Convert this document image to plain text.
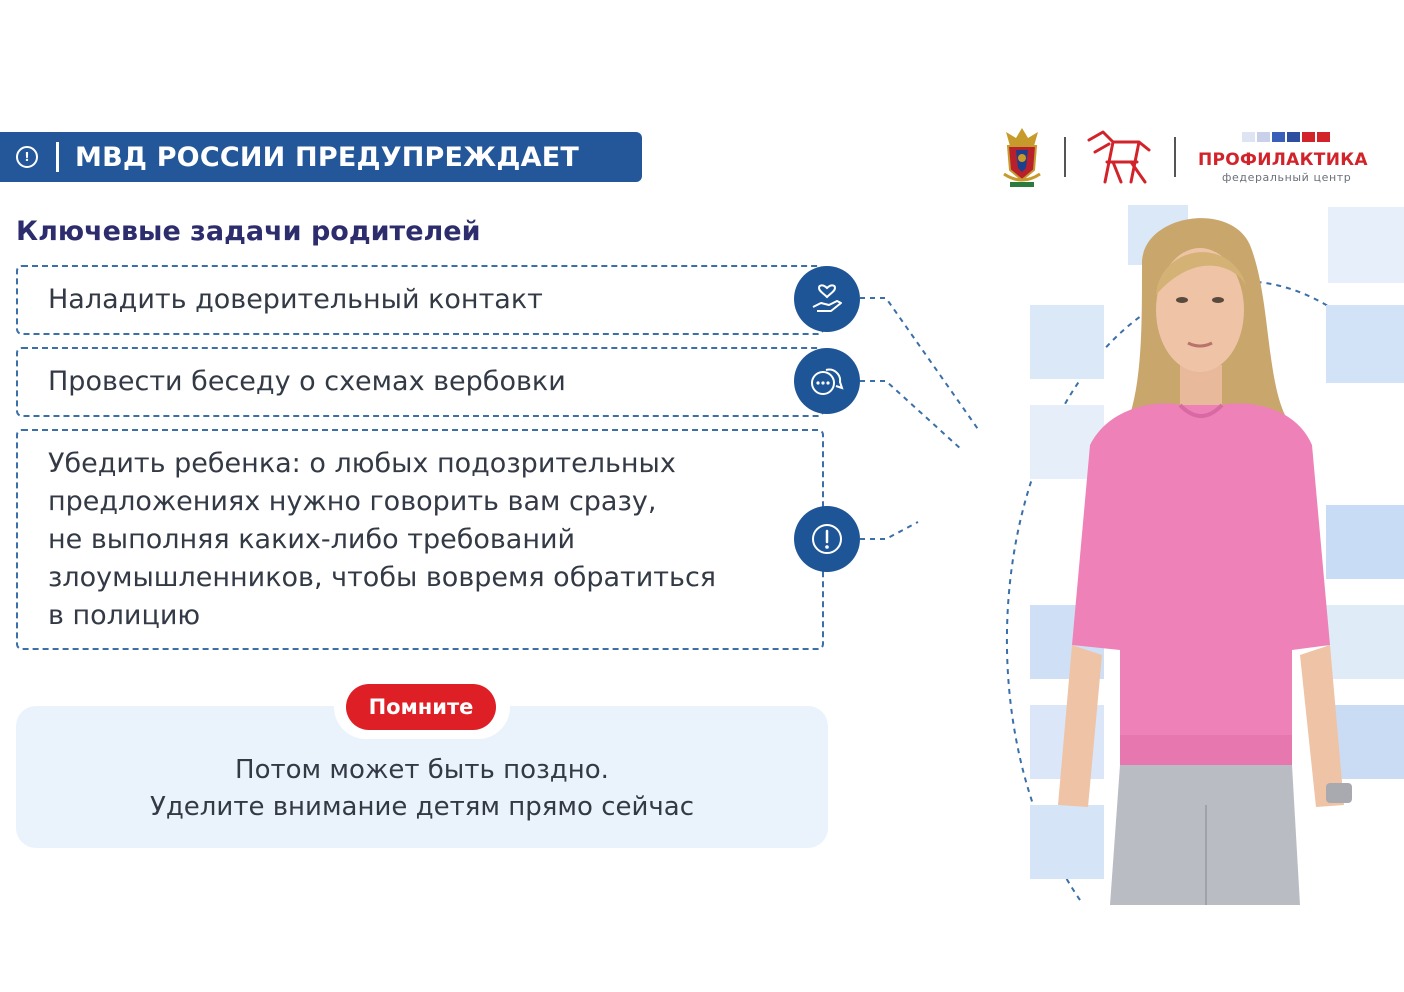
!	МВД РОССИИ ПРЕДУПРЕЖДАЕТ	ПРОФИЛАКТИКА
федеральный центр
Ключевые задачи родителей
Наладить доверительный контакт
Провести беседу о схемах вербовки
Убедить ребенка: о любых подозрительных
предложениях нужно говорить вам сразу,
не выполняя каких-либо требований
злоумышленников, чтобы вовремя обратиться
в полицию
Помните
Потом может быть поздно.
Уделите внимание детям прямо сейчас
